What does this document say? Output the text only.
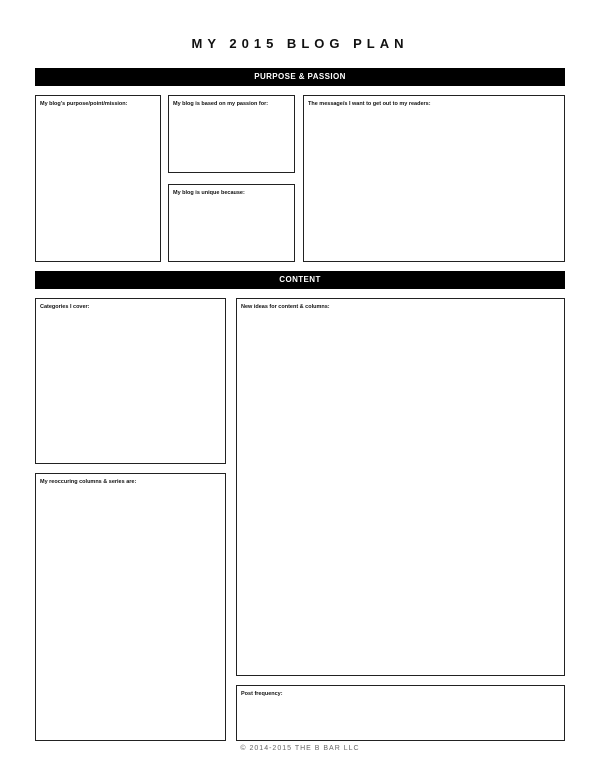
MY 2015 BLOG PLAN
PURPOSE & PASSION
My blog's purpose/point/mission:	My blog is based on my passion for:
My blog is unique because:
The message/s I want to get out to my readers:
CONTENT
Categories I cover:	New ideas for content & columns:
My reoccuring columns & series are:
Post frequency:
© 2014-2015 THE B BAR LLC
